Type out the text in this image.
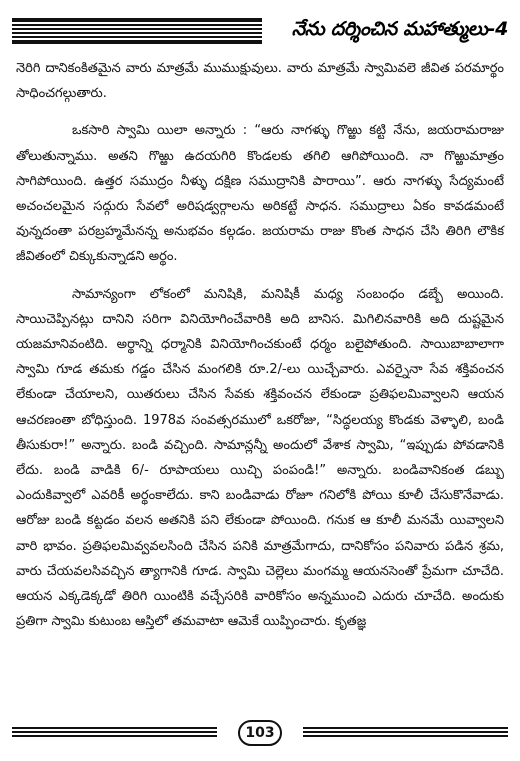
నేను దర్శించిన మహాత్ములు-4

నెరిగి దానికంకితమైన వారు మాత్రమే ముముక్షువులు. వారు మాత్రమే స్వామివలె జీవిత పరమార్థం సాధించగల్గుతారు.

ఒకసారి స్వామి యిలా అన్నారు : “ఆరు నాగళ్ళు గొఱ్ఱు కట్టి నేను, జయరామరాజు తోలుతున్నాము. అతని గొఱ్ఱు ఉదయగిరి కొండలకు తగిలి ఆగిపోయింది. నా గొఱ్ఱుమాత్రం సాగిపోయింది. ఉత్తర సముద్రం నీళ్ళు దక్షిణ సముద్రానికి పారాయి”. ఆరు నాగళ్ళు సేద్యమంటే అచంచలమైన సద్గురు సేవలో అరిషడ్వర్గాలను అరికట్టే సాధన. సముద్రాలు ఏకం కావడమంటే వున్నదంతా పరబ్రహ్మమేనన్న అనుభవం కల్గడం. జయరామ రాజు కొంత సాధన చేసి తిరిగి లౌకిక జీవితంలో చిక్కుకున్నాడని అర్థం.

సామాన్యంగా లోకంలో మనిషికి, మనిషికీ మధ్య సంబంధం డబ్బే అయింది. సాయిచెప్పినట్లు దానిని సరిగా వినియోగించేవారికి అది బానిస. మిగిలినవారికి అది దుష్టమైన యజమానివంటిది. అర్థాన్ని ధర్మానికి వినియోగించకుంటే ధర్మం బలైపోతుంది. సాయిబాబాలాగా స్వామి గూడ తమకు గడ్డం చేసిన మంగలికి రూ.2/-లు యిచ్చేవారు. ఎవర్నైనా సేవ శక్తివంచన లేకుండా చేయాలని, యితరులు చేసిన సేవకు శక్తివంచన లేకుండా ప్రతిఫలమివ్వాలని ఆయన ఆచరణంతా బోధిస్తుంది. 1978వ సంవత్సరములో ఒకరోజు, “సిద్ధలయ్య కొండకు వెళ్ళాలి, బండి తీసుకురా!” అన్నారు. బండి వచ్చింది. సామాన్లన్నీ అందులో వేశాక స్వామి, “ఇప్పుడు పోవడానికి లేదు. బండి వాడికి 6/- రూపాయలు యిచ్చి పంపండి!” అన్నారు. బండివానికంత డబ్బు ఎందుకివ్వాలో ఎవరికీ అర్థంకాలేదు. కాని బండివాడు రోజూ గనిలోకి పోయి కూలీ చేసుకొనేవాడు. ఆరోజు బండి కట్టడం వలన అతనికి పని లేకుండా పోయింది. గనుక ఆ కూలీ మనమే యివ్వాలని వారి భావం. ప్రతిఫలమివ్వవలసింది చేసిన పనికి మాత్రమేగాదు, దానికోసం పనివారు పడిన శ్రమ, వారు చేయవలసివచ్చిన త్యాగానికి గూడ. స్వామి చెల్లెలు మంగమ్మ ఆయనసెంతో ప్రేమగా చూచేది. ఆయన ఎక్కడెక్కడో తిరిగి యింటికి వచ్చేసరికి వారికోసం అన్నముంచి ఎదురు చూచేది. అందుకు ప్రతిగా స్వామి కుటుంబ ఆస్తిలో తమవాటా ఆమెకే యిప్పించారు. కృతజ్ఞ

103
